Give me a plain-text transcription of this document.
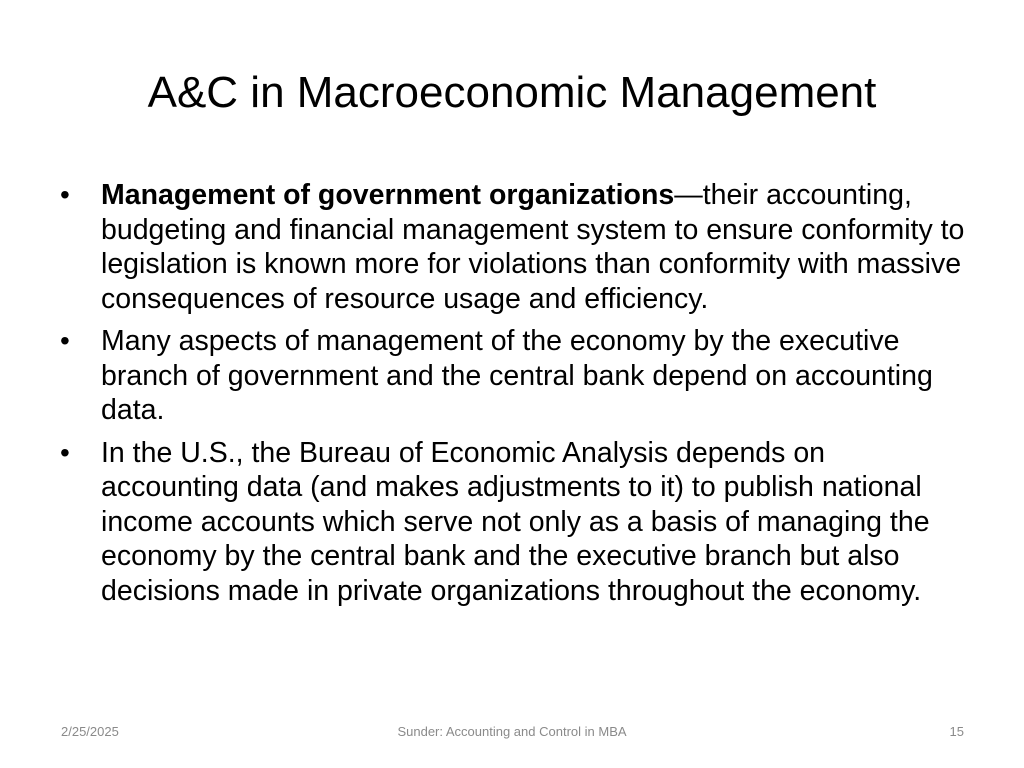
A&C in Macroeconomic Management
•	Management of government organizations—their accounting, budgeting and financial management system to ensure conformity to legislation is known more for violations than conformity with massive consequences of resource usage and efficiency.
•	Many aspects of management of the economy by the executive branch of government and the central bank depend on accounting data.
•	In the U.S., the Bureau of Economic Analysis depends on accounting data (and makes adjustments to it) to publish national income accounts which serve not only as a basis of managing the economy by the central bank and the executive branch but also decisions made in private organizations throughout the economy.
2/25/2025	Sunder: Accounting and Control in MBA	15
